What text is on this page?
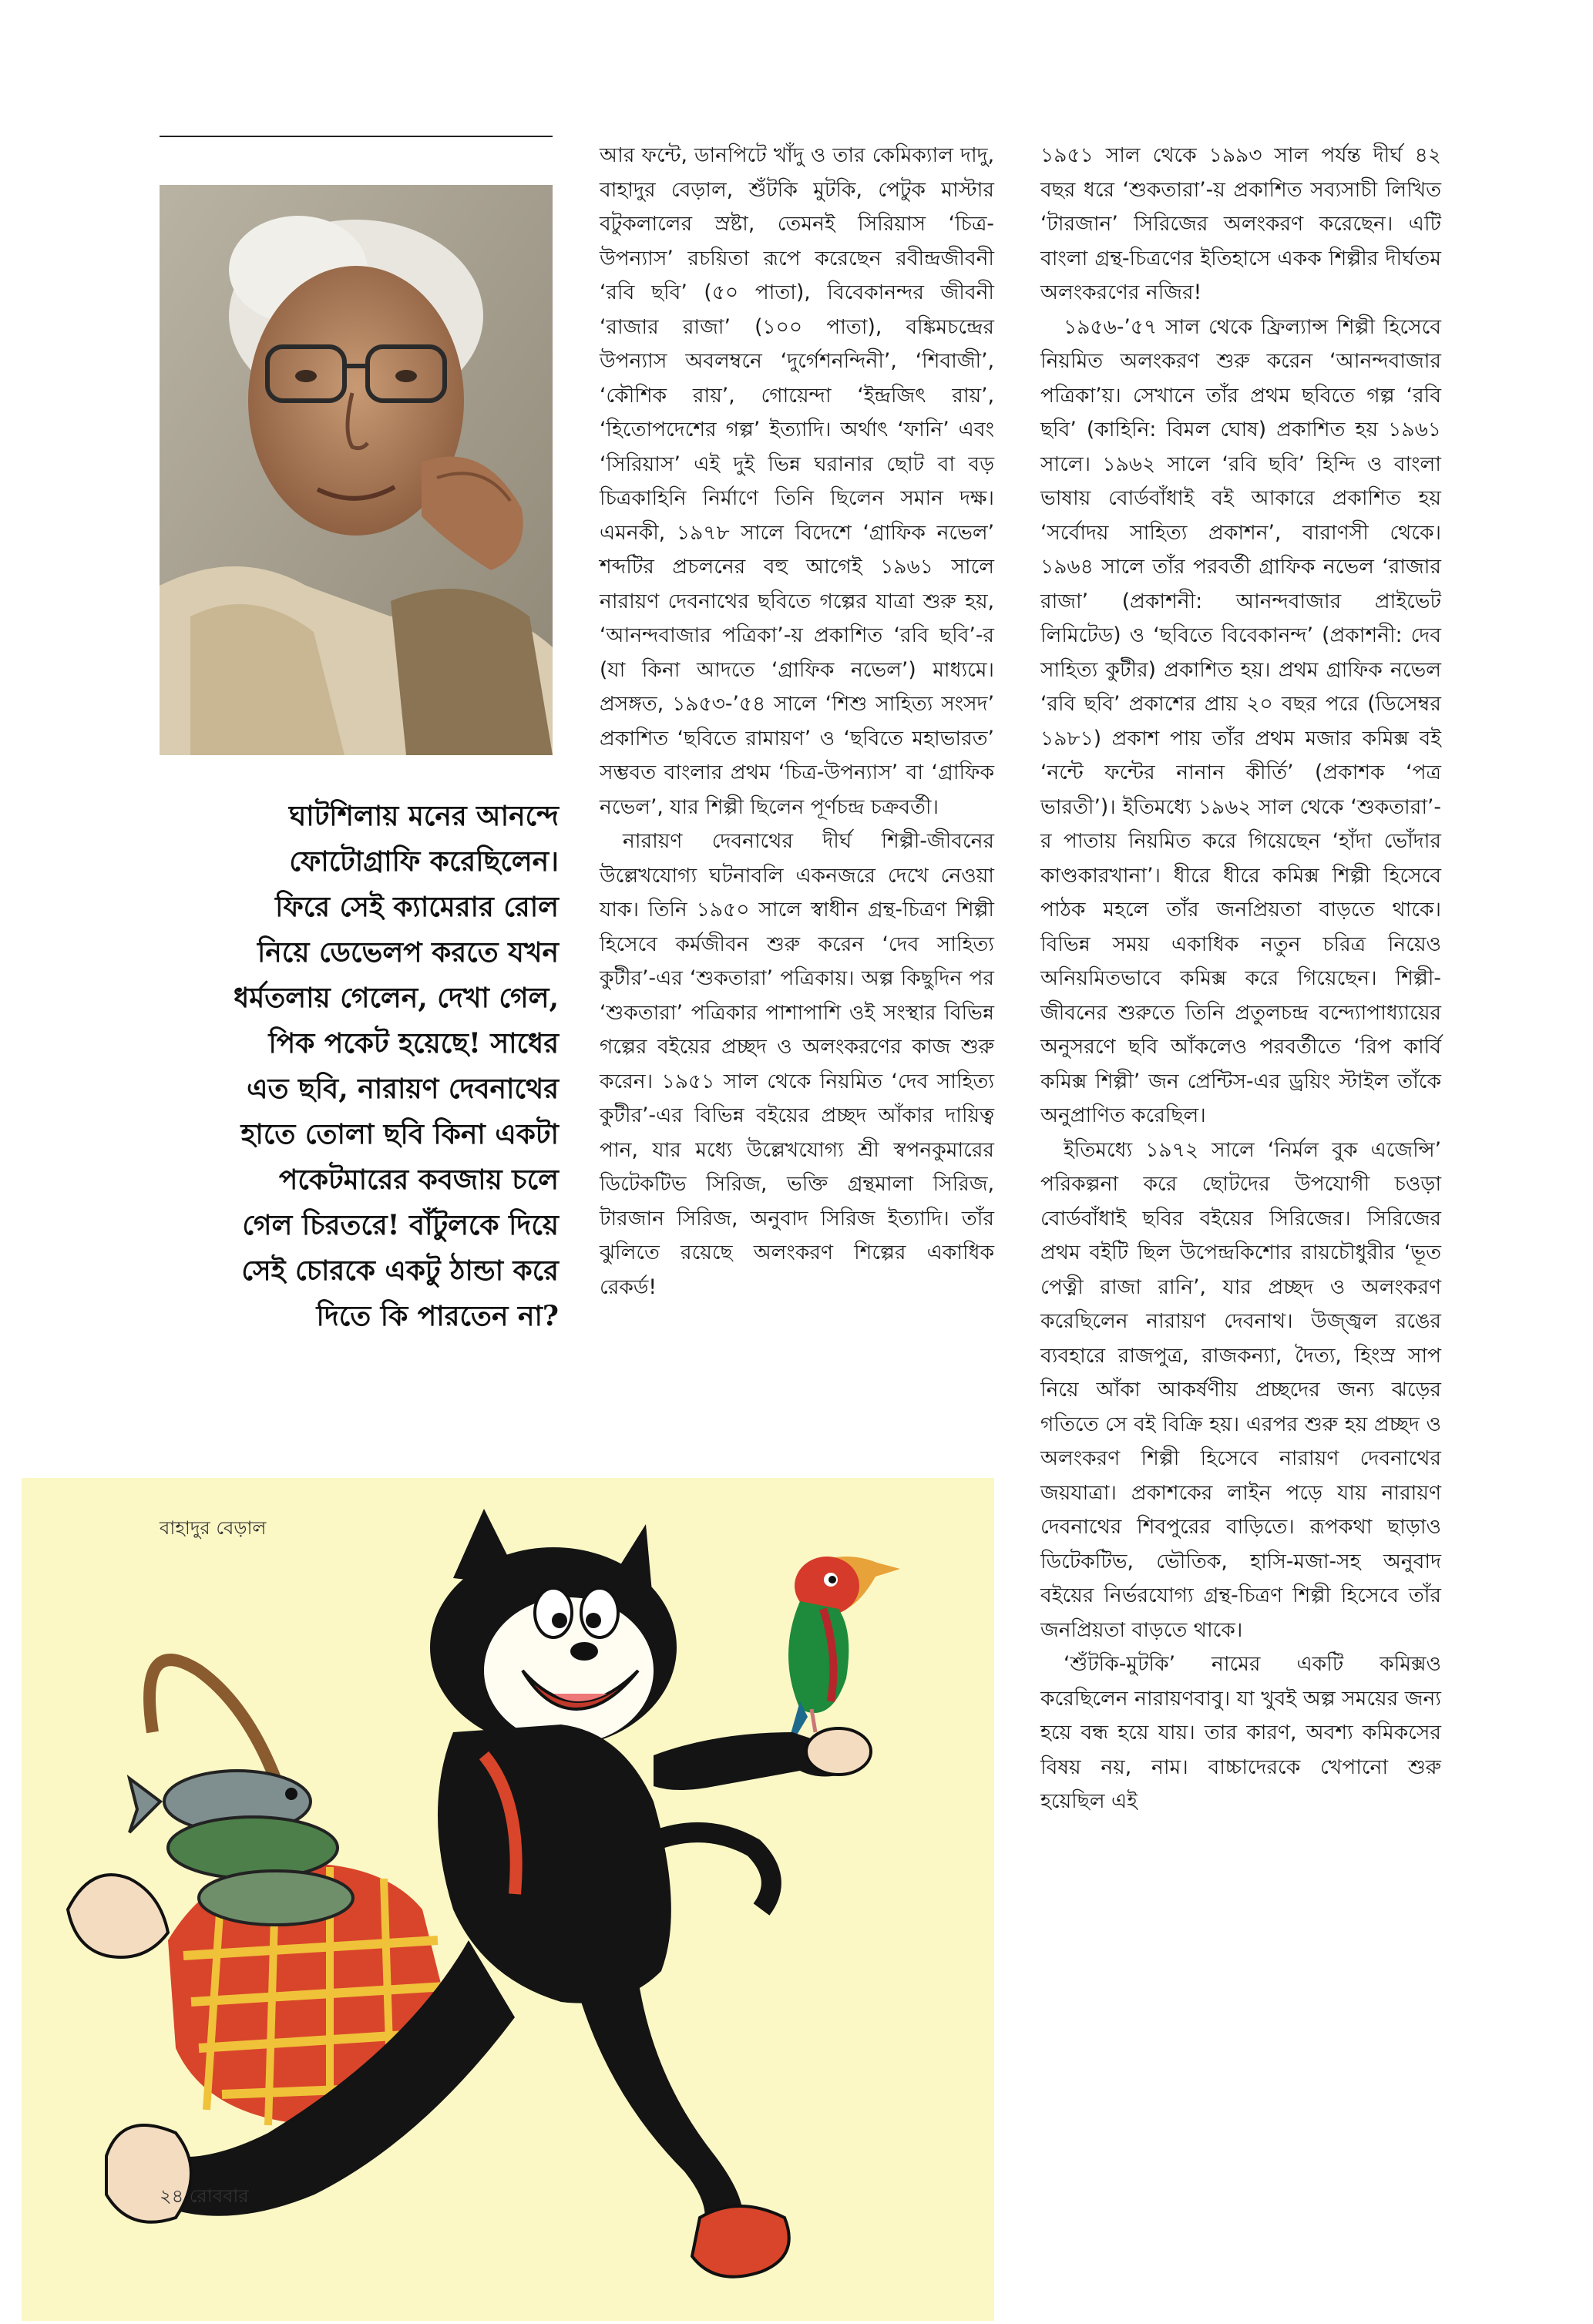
ঘাটশিলায় মনের আনন্দে
ফোটোগ্রাফি করেছিলেন।
ফিরে সেই ক্যামেরার রোল
নিয়ে ডেভেলপ করতে যখন
ধর্মতলায় গেলেন, দেখা গেল,
পিক পকেট হয়েছে! সাধের
এত ছবি, নারায়ণ দেবনাথের
হাতে তোলা ছবি কিনা একটা
পকেটমারের কবজায় চলে
গেল চিরতরে! বাঁটুলকে দিয়ে
সেই চোরকে একটু ঠান্ডা করে
দিতে কি পারতেন না?

আর ফন্টে, ডানপিটে খাঁদু ও তার কেমিক্যাল দাদু, বাহাদুর বেড়াল, শুঁটকি মুটকি, পেটুক মাস্টার বটুকলালের স্রষ্টা, তেমনই সিরিয়াস ‘চিত্র-উপন্যাস’ রচয়িতা রূপে করেছেন রবীন্দ্রজীবনী ‘রবি ছবি’ (৫০ পাতা), বিবেকানন্দর জীবনী ‘রাজার রাজা’ (১০০ পাতা), বঙ্কিমচন্দ্রের উপন্যাস অবলম্বনে ‘দুর্গেশনন্দিনী’, ‘শিবাজী’, ‘কৌশিক রায়’, গোয়েন্দা ‘ইন্দ্রজিৎ রায়’, ‘হিতোপদেশের গল্প’ ইত্যাদি। অর্থাৎ ‘ফানি’ এবং ‘সিরিয়াস’ এই দুই ভিন্ন ঘরানার ছোট বা বড় চিত্রকাহিনি নির্মাণে তিনি ছিলেন সমান দক্ষ। এমনকী, ১৯৭৮ সালে বিদেশে ‘গ্রাফিক নভেল’ শব্দটির প্রচলনের বহু আগেই ১৯৬১ সালে নারায়ণ দেবনাথের ছবিতে গল্পের যাত্রা শুরু হয়, ‘আনন্দবাজার পত্রিকা’-য় প্রকাশিত ‘রবি ছবি’-র (যা কিনা আদতে ‘গ্রাফিক নভেল’) মাধ্যমে। প্রসঙ্গত, ১৯৫৩-’৫৪ সালে ‘শিশু সাহিত্য সংসদ’ প্রকাশিত ‘ছবিতে রামায়ণ’ ও ‘ছবিতে মহাভারত’ সম্ভবত বাংলার প্রথম ‘চিত্র-উপন্যাস’ বা ‘গ্রাফিক নভেল’, যার শিল্পী ছিলেন পূর্ণচন্দ্র চক্রবর্তী।

নারায়ণ দেবনাথের দীর্ঘ শিল্পী-জীবনের উল্লেখযোগ্য ঘটনাবলি একনজরে দেখে নেওয়া যাক। তিনি ১৯৫০ সালে স্বাধীন গ্রন্থ-চিত্রণ শিল্পী হিসেবে কর্মজীবন শুরু করেন ‘দেব সাহিত্য কুটীর’-এর ‘শুকতারা’ পত্রিকায়। অল্প কিছুদিন পর ‘শুকতারা’ পত্রিকার পাশাপাশি ওই সংস্থার বিভিন্ন গল্পের বইয়ের প্রচ্ছদ ও অলংকরণের কাজ শুরু করেন। ১৯৫১ সাল থেকে নিয়মিত ‘দেব সাহিত্য কুটীর’-এর বিভিন্ন বইয়ের প্রচ্ছদ আঁকার দায়িত্ব পান, যার মধ্যে উল্লেখযোগ্য শ্রী স্বপনকুমারের ডিটেকটিভ সিরিজ, ভক্তি গ্রন্থমালা সিরিজ, টারজান সিরিজ, অনুবাদ সিরিজ ইত্যাদি। তাঁর ঝুলিতে রয়েছে অলংকরণ শিল্পের একাধিক রেকর্ড!

১৯৫১ সাল থেকে ১৯৯৩ সাল পর্যন্ত দীর্ঘ ৪২ বছর ধরে ‘শুকতারা’-য় প্রকাশিত সব্যসাচী লিখিত ‘টারজান’ সিরিজের অলংকরণ করেছেন। এটি বাংলা গ্রন্থ-চিত্রণের ইতিহাসে একক শিল্পীর দীর্ঘতম অলংকরণের নজির!

১৯৫৬-’৫৭ সাল থেকে ফ্রিল্যান্স শিল্পী হিসেবে নিয়মিত অলংকরণ শুরু করেন ‘আনন্দবাজার পত্রিকা’য়। সেখানে তাঁর প্রথম ছবিতে গল্প ‘রবি ছবি’ (কাহিনি: বিমল ঘোষ) প্রকাশিত হয় ১৯৬১ সালে। ১৯৬২ সালে ‘রবি ছবি’ হিন্দি ও বাংলা ভাষায় বোর্ডবাঁধাই বই আকারে প্রকাশিত হয় ‘সর্বোদয় সাহিত্য প্রকাশন’, বারাণসী থেকে। ১৯৬৪ সালে তাঁর পরবর্তী গ্রাফিক নভেল ‘রাজার রাজা’ (প্রকাশনী: আনন্দবাজার প্রাইভেট লিমিটেড) ও ‘ছবিতে বিবেকানন্দ’ (প্রকাশনী: দেব সাহিত্য কুটীর) প্রকাশিত হয়। প্রথম গ্রাফিক নভেল ‘রবি ছবি’ প্রকাশের প্রায় ২০ বছর পরে (ডিসেম্বর ১৯৮১) প্রকাশ পায় তাঁর প্রথম মজার কমিক্স বই ‘নন্টে ফন্টের নানান কীর্তি’ (প্রকাশক ‘পত্র ভারতী’)। ইতিমধ্যে ১৯৬২ সাল থেকে ‘শুকতারা’-র পাতায় নিয়মিত করে গিয়েছেন ‘হাঁদা ভোঁদার কাণ্ডকারখানা’। ধীরে ধীরে কমিক্স শিল্পী হিসেবে পাঠক মহলে তাঁর জনপ্রিয়তা বাড়তে থাকে। বিভিন্ন সময় একাধিক নতুন চরিত্র নিয়েও অনিয়মিতভাবে কমিক্স করে গিয়েছেন। শিল্পী-জীবনের শুরুতে তিনি প্রতুলচন্দ্র বন্দ্যোপাধ্যায়ের অনুসরণে ছবি আঁকলেও পরবর্তীতে ‘রিপ কার্বি কমিক্স শিল্পী’ জন প্রেন্টিস-এর ড্রয়িং স্টাইল তাঁকে অনুপ্রাণিত করেছিল।

ইতিমধ্যে ১৯৭২ সালে ‘নির্মল বুক এজেন্সি’ পরিকল্পনা করে ছোটদের উপযোগী চওড়া বোর্ডবাঁধাই ছবির বইয়ের সিরিজের। সিরিজের প্রথম বইটি ছিল উপেন্দ্রকিশোর রায়চৌধুরীর ‘ভূত পেত্নী রাজা রানি’, যার প্রচ্ছদ ও অলংকরণ করেছিলেন নারায়ণ দেবনাথ। উজ্জ্বল রঙের ব্যবহারে রাজপুত্র, রাজকন্যা, দৈত্য, হিংস্র সাপ নিয়ে আঁকা আকর্ষণীয় প্রচ্ছদের জন্য ঝড়ের গতিতে সে বই বিক্রি হয়। এরপর শুরু হয় প্রচ্ছদ ও অলংকরণ শিল্পী হিসেবে নারায়ণ দেবনাথের জয়যাত্রা। প্রকাশকের লাইন পড়ে যায় নারায়ণ দেবনাথের শিবপুরের বাড়িতে। রূপকথা ছাড়াও ডিটেকটিভ, ভৌতিক, হাসি-মজা-সহ অনুবাদ বইয়ের নির্ভরযোগ্য গ্রন্থ-চিত্রণ শিল্পী হিসেবে তাঁর জনপ্রিয়তা বাড়তে থাকে।

‘শুঁটকি-মুটকি’ নামের একটি কমিক্সও করেছিলেন নারায়ণবাবু। যা খুবই অল্প সময়ের জন্য হয়ে বন্ধ হয়ে যায়। তার কারণ, অবশ্য কমিকসের বিষয় নয়, নাম। বাচ্চাদেরকে খেপানো শুরু হয়েছিল এই

বাহাদুর বেড়াল
২৪ রোববার
